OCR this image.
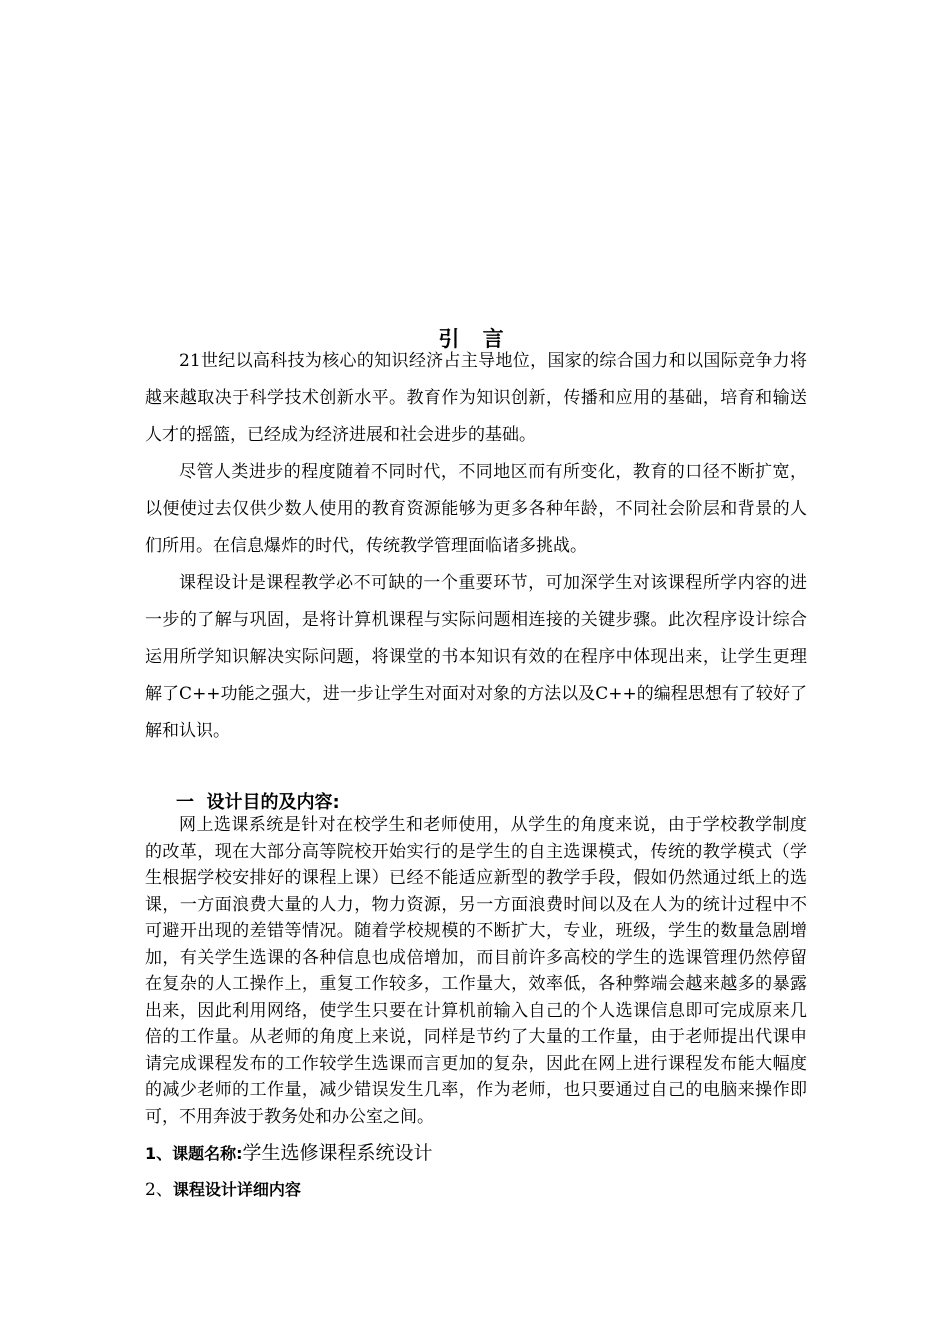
引 言

21世纪以高科技为核心的知识经济占主导地位，国家的综合国力和以国际竞争力将越来越取决于科学技术创新水平。教育作为知识创新，传播和应用的基础，培育和输送人才的摇篮，已经成为经济进展和社会进步的基础。

尽管人类进步的程度随着不同时代，不同地区而有所变化，教育的口径不断扩宽，以便使过去仅供少数人使用的教育资源能够为更多各种年龄，不同社会阶层和背景的人们所用。在信息爆炸的时代，传统教学管理面临诸多挑战。

课程设计是课程教学必不可缺的一个重要环节，可加深学生对该课程所学内容的进一步的了解与巩固，是将计算机课程与实际问题相连接的关键步骤。此次程序设计综合运用所学知识解决实际问题，将课堂的书本知识有效的在程序中体现出来，让学生更理解了C++功能之强大，进一步让学生对面对对象的方法以及C++的编程思想有了较好了解和认识。

一  设计目的及内容:

网上选课系统是针对在校学生和老师使用，从学生的角度来说，由于学校教学制度的改革，现在大部分高等院校开始实行的是学生的自主选课模式，传统的教学模式（学生根据学校安排好的课程上课）已经不能适应新型的教学手段，假如仍然通过纸上的选课，一方面浪费大量的人力，物力资源，另一方面浪费时间以及在人为的统计过程中不可避开出现的差错等情况。随着学校规模的不断扩大，专业，班级，学生的数量急剧增加，有关学生选课的各种信息也成倍增加，而目前许多高校的学生的选课管理仍然停留在复杂的人工操作上，重复工作较多，工作量大，效率低，各种弊端会越来越多的暴露出来，因此利用网络，使学生只要在计算机前输入自己的个人选课信息即可完成原来几倍的工作量。从老师的角度上来说，同样是节约了大量的工作量，由于老师提出代课申请完成课程发布的工作较学生选课而言更加的复杂，因此在网上进行课程发布能大幅度的减少老师的工作量，减少错误发生几率，作为老师，也只要通过自己的电脑来操作即可，不用奔波于教务处和办公室之间。

1、课题名称:学生选修课程系统设计
2、课程设计详细内容
